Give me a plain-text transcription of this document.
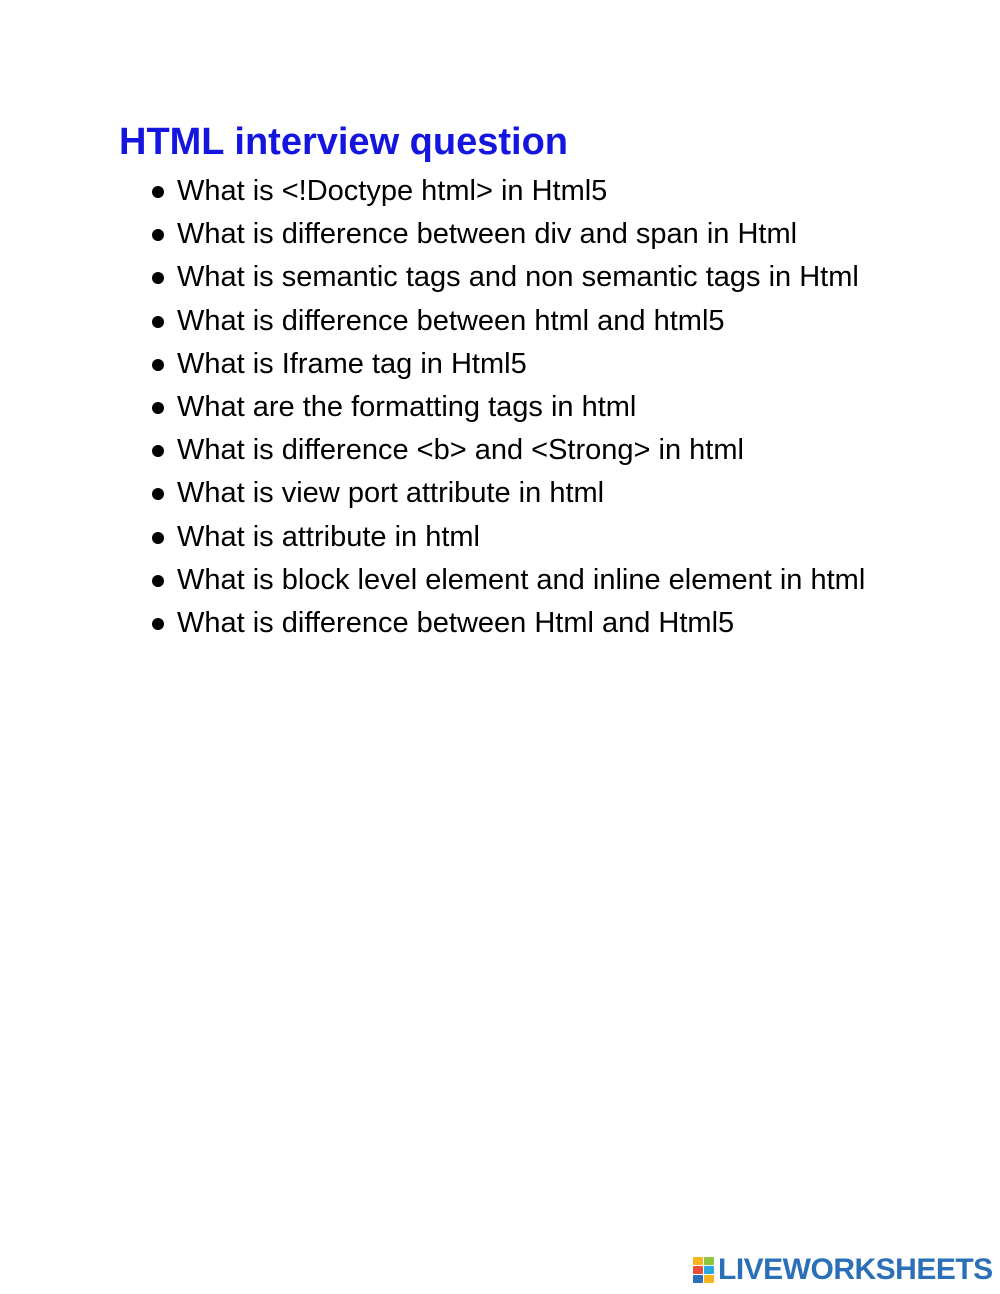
HTML interview question
What is <!Doctype html> in Html5
What is difference between div and span in Html
What is semantic tags and non semantic tags in Html
What is difference between html and html5
What is Iframe tag in Html5
What are the formatting tags in html
What is difference <b> and <Strong> in html
What is view port attribute in html
What is attribute in html
What is block level element and inline element in html
What is difference between Html and Html5
LIVEWORKSHEETS
